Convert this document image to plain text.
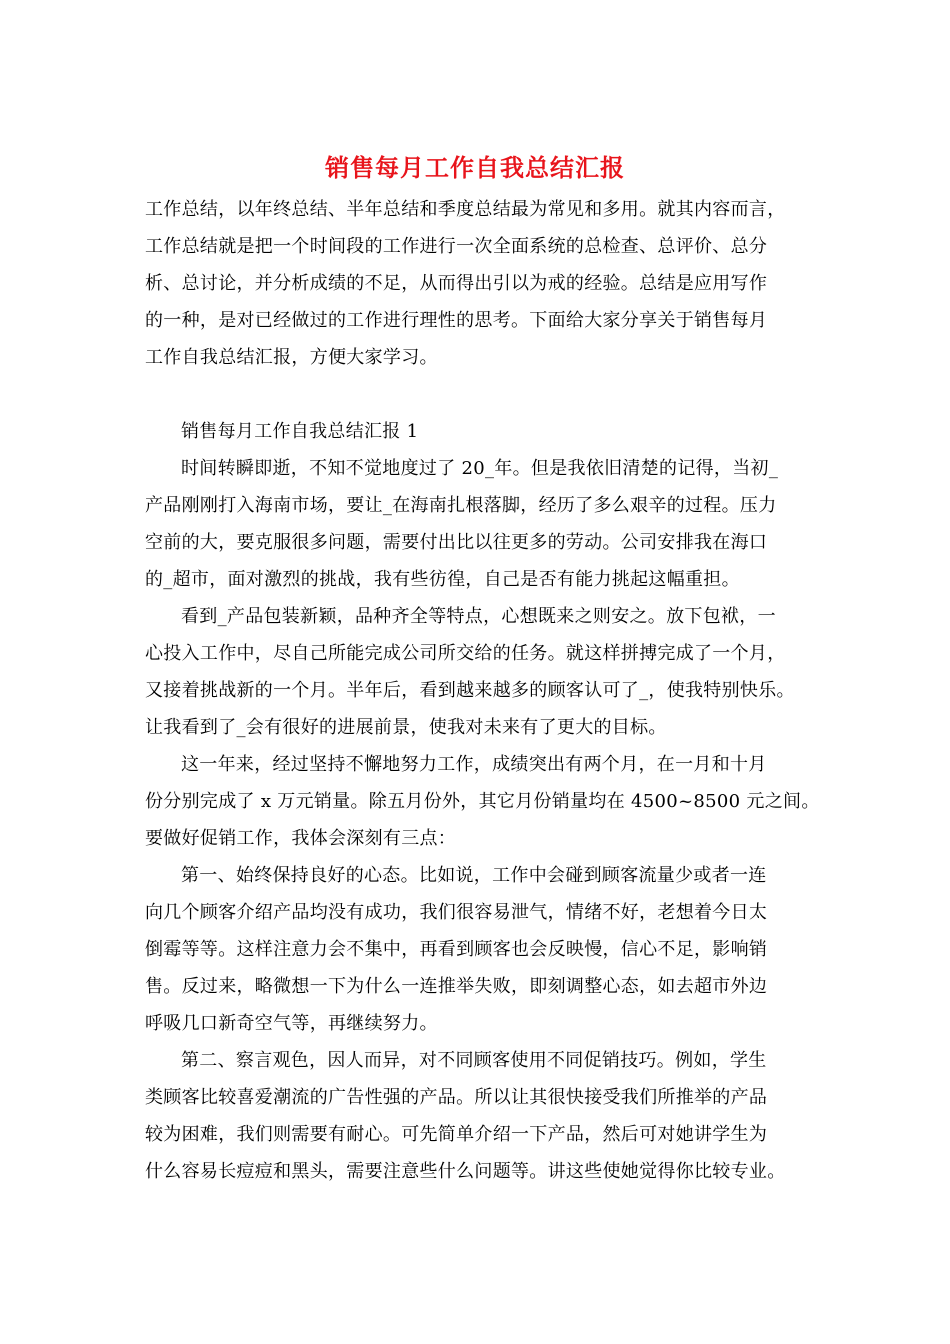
销售每月工作自我总结汇报
工作总结，以年终总结、半年总结和季度总结最为常见和多用。就其内容而言，
工作总结就是把一个时间段的工作进行一次全面系统的总检查、总评价、总分
析、总讨论，并分析成绩的不足，从而得出引以为戒的经验。总结是应用写作
的一种，是对已经做过的工作进行理性的思考。下面给大家分享关于销售每月
工作自我总结汇报，方便大家学习。
销售每月工作自我总结汇报 1
时间转瞬即逝，不知不觉地度过了 20_年。但是我依旧清楚的记得，当初_
产品刚刚打入海南市场，要让_在海南扎根落脚，经历了多么艰辛的过程。压力
空前的大，要克服很多问题，需要付出比以往更多的劳动。公司安排我在海口
的_超市，面对激烈的挑战，我有些彷徨，自己是否有能力挑起这幅重担。
看到_产品包装新颖，品种齐全等特点，心想既来之则安之。放下包袱，一
心投入工作中，尽自己所能完成公司所交给的任务。就这样拼搏完成了一个月，
又接着挑战新的一个月。半年后，看到越来越多的顾客认可了_，使我特别快乐。
让我看到了_会有很好的进展前景，使我对未来有了更大的目标。
这一年来，经过坚持不懈地努力工作，成绩突出有两个月，在一月和十月
份分别完成了 x 万元销量。除五月份外，其它月份销量均在 4500~8500 元之间。
要做好促销工作，我体会深刻有三点：
第一、始终保持良好的心态。比如说，工作中会碰到顾客流量少或者一连
向几个顾客介绍产品均没有成功，我们很容易泄气，情绪不好，老想着今日太
倒霉等等。这样注意力会不集中，再看到顾客也会反映慢，信心不足，影响销
售。反过来，略微想一下为什么一连推举失败，即刻调整心态，如去超市外边
呼吸几口新奇空气等，再继续努力。
第二、察言观色，因人而异，对不同顾客使用不同促销技巧。例如，学生
类顾客比较喜爱潮流的广告性强的产品。所以让其很快接受我们所推举的产品
较为困难，我们则需要有耐心。可先简单介绍一下产品，然后可对她讲学生为
什么容易长痘痘和黑头，需要注意些什么问题等。讲这些使她觉得你比较专业。
